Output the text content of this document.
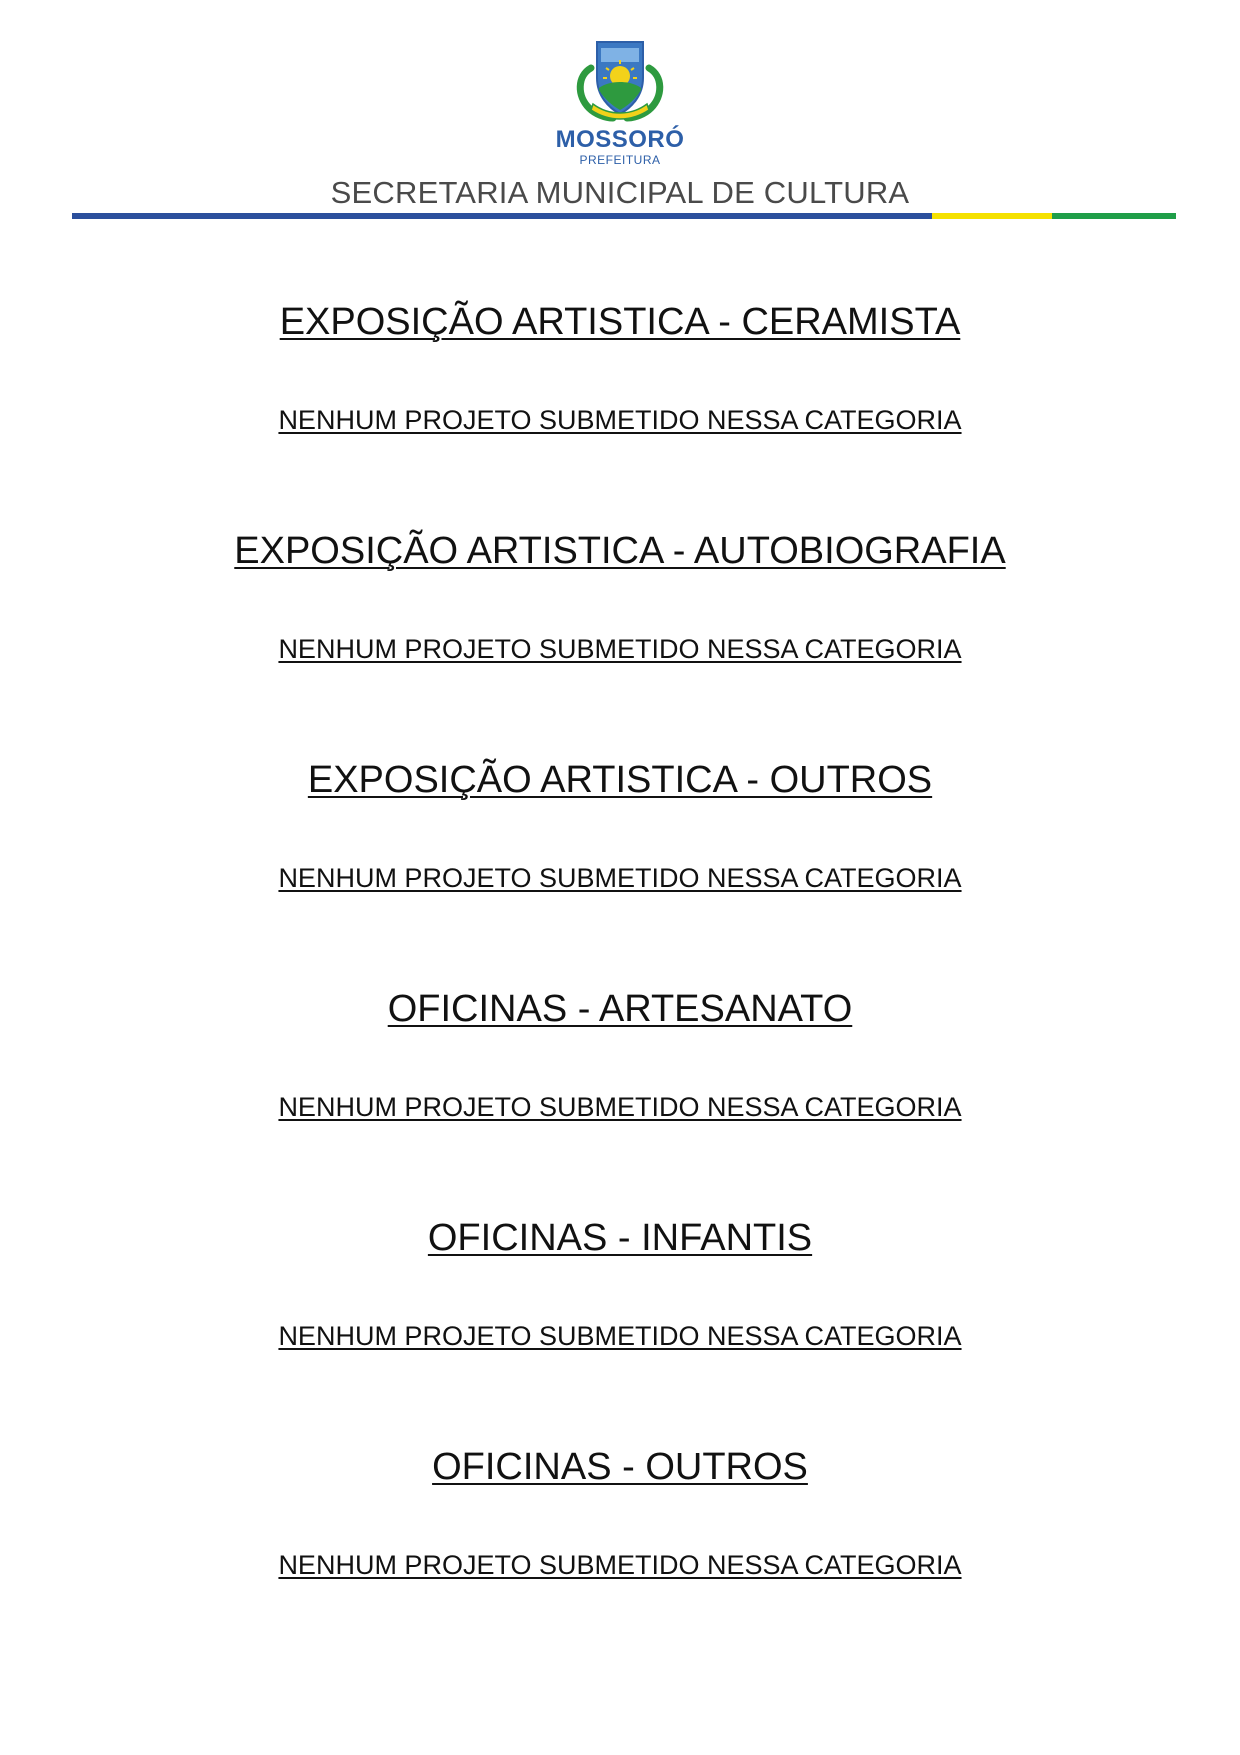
MOSSORÓ
PREFEITURA
SECRETARIA MUNICIPAL DE CULTURA
EXPOSIÇÃO ARTISTICA - CERAMISTA
NENHUM PROJETO SUBMETIDO NESSA CATEGORIA
EXPOSIÇÃO ARTISTICA - AUTOBIOGRAFIA
NENHUM PROJETO SUBMETIDO NESSA CATEGORIA
EXPOSIÇÃO ARTISTICA - OUTROS
NENHUM PROJETO SUBMETIDO NESSA CATEGORIA
OFICINAS - ARTESANATO
NENHUM PROJETO SUBMETIDO NESSA CATEGORIA
OFICINAS - INFANTIS
NENHUM PROJETO SUBMETIDO NESSA CATEGORIA
OFICINAS - OUTROS
NENHUM PROJETO SUBMETIDO NESSA CATEGORIA
